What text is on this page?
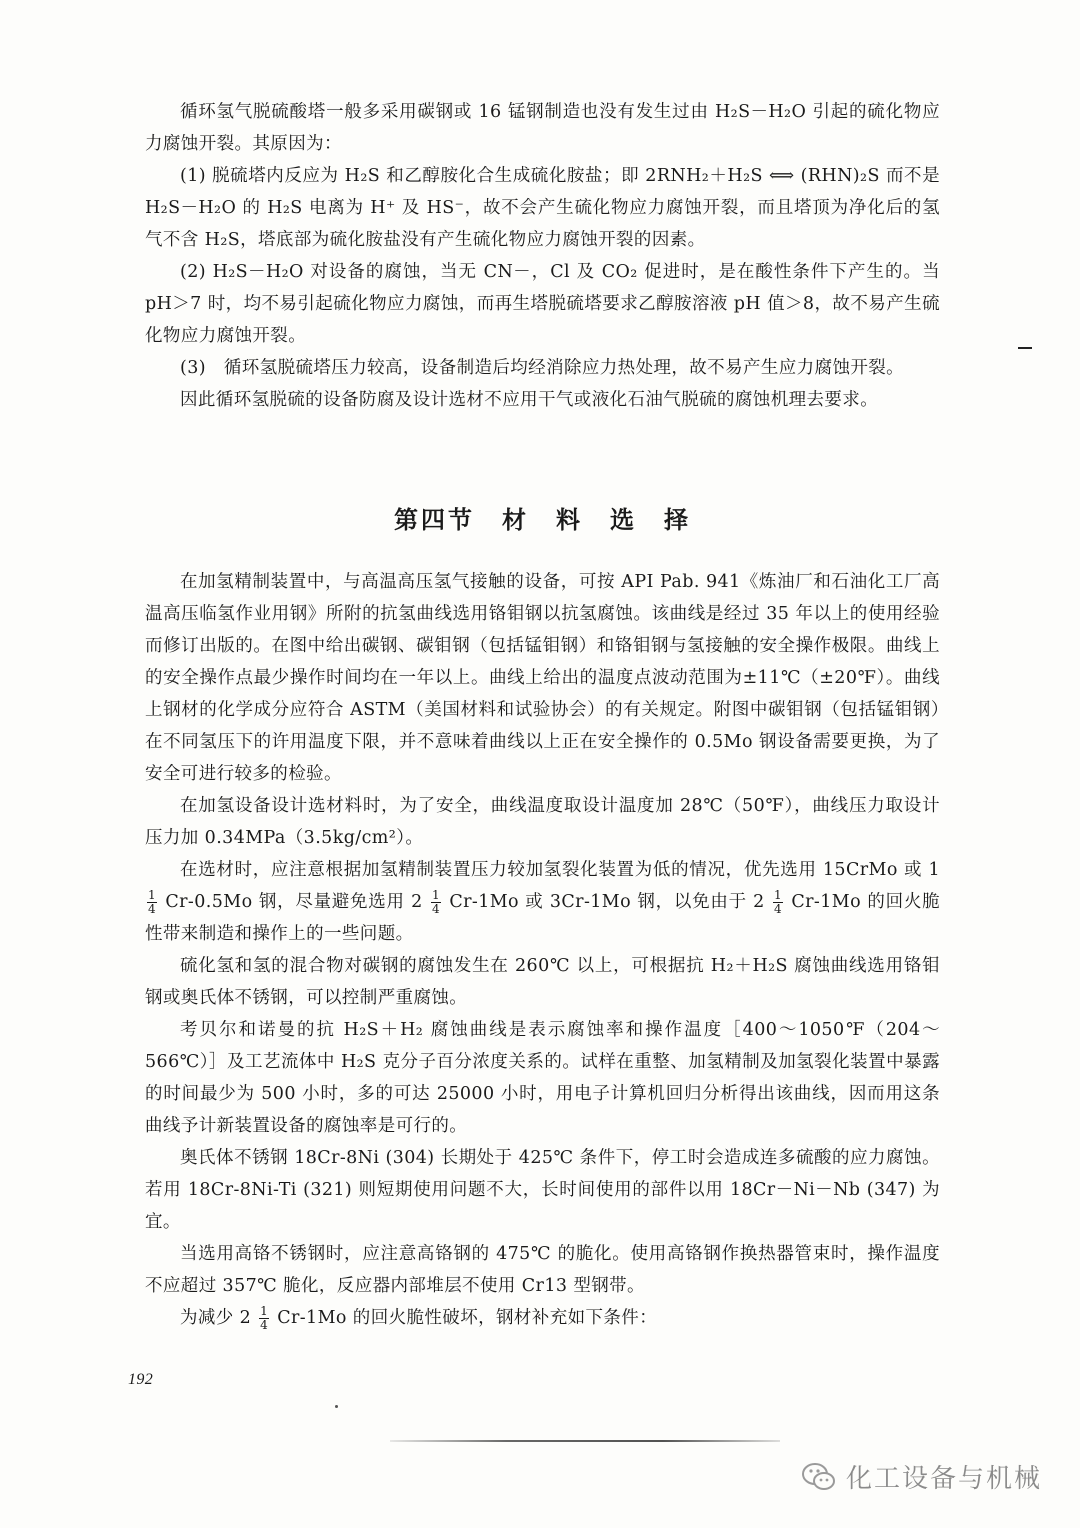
循环氢气脱硫酸塔一般多采用碳钢或 16 锰钢制造也没有发生过由 H₂S－H₂O 引起的硫化物应力腐蚀开裂。其原因为：

(1) 脱硫塔内反应为 H₂S 和乙醇胺化合生成硫化胺盐；即 2RNH₂＋H₂S ⟺ (RHN)₂S 而不是 H₂S－H₂O 的 H₂S 电离为 H⁺ 及 HS⁻，故不会产生硫化物应力腐蚀开裂，而且塔顶为净化后的氢气不含 H₂S，塔底部为硫化胺盐没有产生硫化物应力腐蚀开裂的因素。

(2) H₂S－H₂O 对设备的腐蚀，当无 CN－，Cl 及 CO₂ 促进时，是在酸性条件下产生的。当 pH＞7 时，均不易引起硫化物应力腐蚀，而再生塔脱硫塔要求乙醇胺溶液 pH 值＞8，故不易产生硫化物应力腐蚀开裂。

(3)　循环氢脱硫塔压力较高，设备制造后均经消除应力热处理，故不易产生应力腐蚀开裂。

因此循环氢脱硫的设备防腐及设计选材不应用干气或液化石油气脱硫的腐蚀机理去要求。

第四节　材　料　选　择

在加氢精制装置中，与高温高压氢气接触的设备，可按 API Pab. 941《炼油厂和石油化工厂高温高压临氢作业用钢》所附的抗氢曲线选用铬钼钢以抗氢腐蚀。该曲线是经过 35 年以上的使用经验而修订出版的。在图中给出碳钢、碳钼钢（包括锰钼钢）和铬钼钢与氢接触的安全操作极限。曲线上的安全操作点最少操作时间均在一年以上。曲线上给出的温度点波动范围为±11℃（±20℉）。曲线上钢材的化学成分应符合 ASTM（美国材料和试验协会）的有关规定。附图中碳钼钢（包括锰钼钢）在不同氢压下的许用温度下限，并不意味着曲线以上正在安全操作的 0.5Mo 钢设备需要更换，为了安全可进行较多的检验。

在加氢设备设计选材料时，为了安全，曲线温度取设计温度加 28℃（50℉），曲线压力取设计压力加 0.34MPa（3.5kg/cm²）。

在选材时，应注意根据加氢精制装置压力较加氢裂化装置为低的情况，优先选用 15CrMo 或 1
$\frac{1}{4} Cr-0.5Mo$ 钢，尽量避免选用 $2 \frac{1}{4} Cr-1Mo$ 或 3Cr-1Mo 钢，以免由于 $2 \frac{1}{4} Cr-1Mo$ 的回火脆性带来制造和操作上的一些问题。

硫化氢和氢的混合物对碳钢的腐蚀发生在 260℃ 以上，可根据抗 H₂＋H₂S 腐蚀曲线选用铬钼钢或奥氏体不锈钢，可以控制严重腐蚀。

考贝尔和诺曼的抗 H₂S＋H₂ 腐蚀曲线是表示腐蚀率和操作温度［400～1050℉（204～566℃）］及工艺流体中 H₂S 克分子百分浓度关系的。试样在重整、加氢精制及加氢裂化装置中暴露的时间最少为 500 小时，多的可达 25000 小时，用电子计算机回归分析得出该曲线，因而用这条曲线予计新装置设备的腐蚀率是可行的。

奥氏体不锈钢 18Cr-8Ni (304) 长期处于 425℃ 条件下，停工时会造成连多硫酸的应力腐蚀。若用 18Cr-8Ni-Ti (321) 则短期使用问题不大，长时间使用的部件以用 18Cr－Ni－Nb (347) 为宜。

当选用高铬不锈钢时，应注意高铬钢的 475℃ 的脆化。使用高铬钢作换热器管束时，操作温度不应超过 357℃ 脆化，反应器内部堆层不使用 Cr13 型钢带。

为减少 $2 \frac{1}{4} Cr-1Mo$ 的回火脆性破坏，钢材补充如下条件：

192

化工设备与机械
